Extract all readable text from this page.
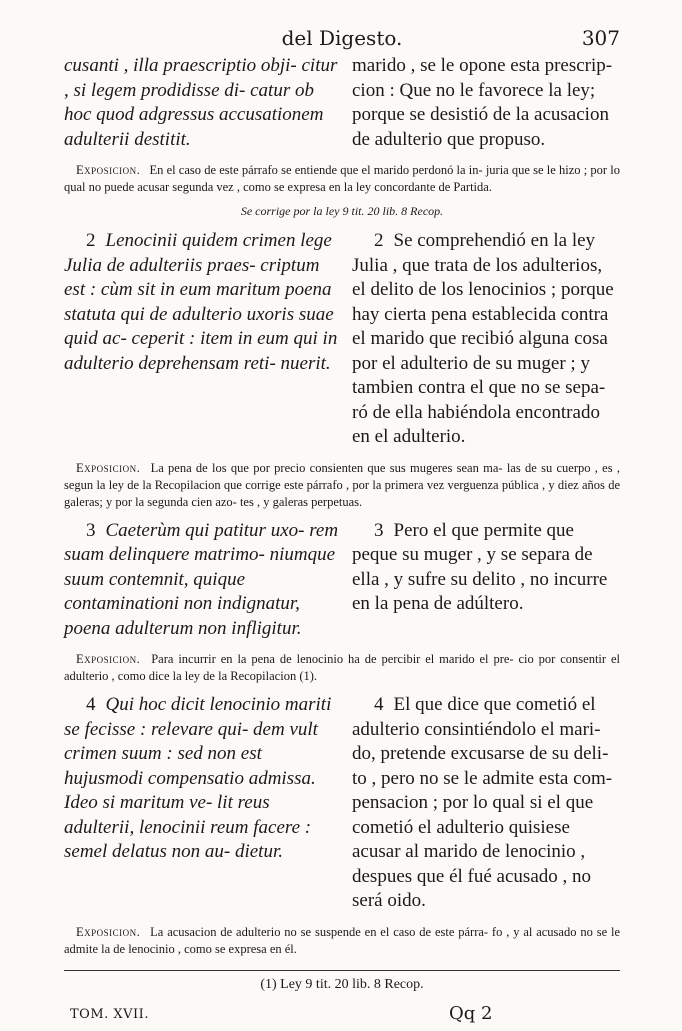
del Digesto.	307
cusanti , illa praescriptio obji- citur , si legem prodidisse di- catur ob hoc quod adgressus accusationem adulterii destitit.
marido , se le opone esta prescrip- cion : Que no le favorece la ley; porque se desistió de la acusacion de adulterio que propuso.
Exposicion. En el caso de este párrafo se entiende que el marido perdonó la in- juria que se le hizo ; por lo qual no puede acusar segunda vez , como se expresa en la ley concordante de Partida.
Se corrige por la ley 9 tit. 20 lib. 8 Recop.
2 Lenocinii quidem crimen lege Julia de adulteriis praes- criptum est : cùm sit in eum maritum poena statuta qui de adulterio uxoris suae quid ac- ceperit : item in eum qui in adulterio deprehensam reti- nuerit.
2 Se comprehendió en la ley Julia , que trata de los adulterios, el delito de los lenocinios ; porque hay cierta pena establecida contra el marido que recibió alguna cosa por el adulterio de su muger ; y tambien contra el que no se sepa- ró de ella habiéndola encontrado en el adulterio.
Exposicion. La pena de los que por precio consienten que sus mugeres sean ma- las de su cuerpo , es , segun la ley de la Recopilacion que corrige este párrafo , por la primera vez verguenza pública , y diez años de galeras; y por la segunda cien azo- tes , y galeras perpetuas.
3 Caeterùm qui patitur uxo- rem suam delinquere matrimo- niumque suum contemnit, quique contaminationi non indignatur, poena adulterum non infligitur.
3 Pero el que permite que peque su muger , y se separa de ella , y sufre su delito , no incurre en la pena de adúltero.
Exposicion. Para incurrir en la pena de lenocinio ha de percibir el marido el pre- cio por consentir el adulterio , como dice la ley de la Recopilacion (1).
4 Qui hoc dicit lenocinio mariti se fecisse : relevare qui- dem vult crimen suum : sed non est hujusmodi compensatio admissa. Ideo si maritum ve- lit reus adulterii, lenocinii reum facere : semel delatus non au- dietur.
4 El que dice que cometió el adulterio consintiéndolo el mari- do, pretende excusarse de su deli- to , pero no se le admite esta com- pensacion ; por lo qual si el que cometió el adulterio quisiese acusar al marido de lenocinio , despues que él fué acusado , no será oido.
Exposicion. La acusacion de adulterio no se suspende en el caso de este párra- fo , y al acusado no se le admite la de lenocinio , como se expresa en él.
(1) Ley 9 tit. 20 lib. 8 Recop.
TOM. XVII.	Qq 2
